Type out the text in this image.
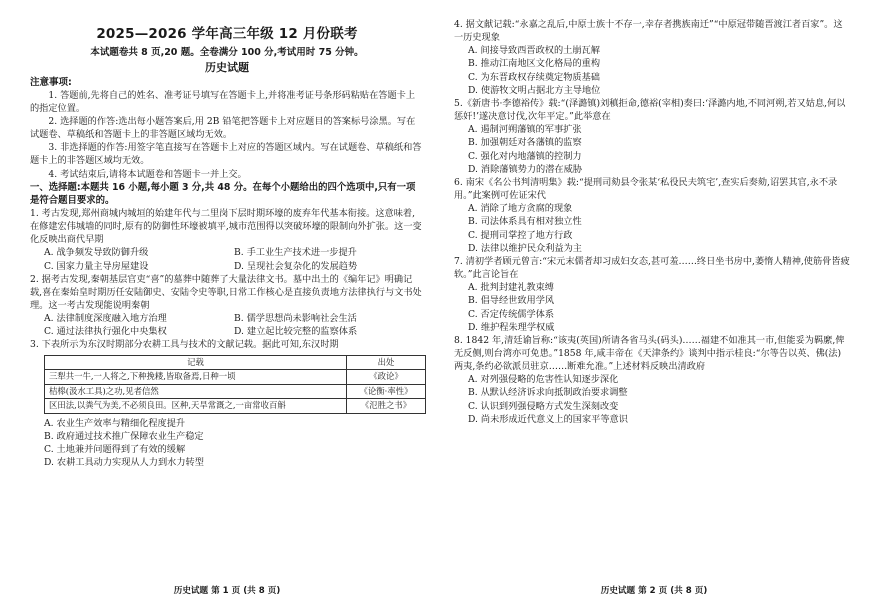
2025—2026 学年高三年级 12 月份联考
本试题卷共 8 页,20 题。全卷满分 100 分,考试用时 75 分钟。
历史试题
注意事项:

1. 答题前,先将自己的姓名、准考证号填写在答题卡上,并将准考证号条形码粘贴在答题卡上的指定位置。

2. 选择题的作答:选出每小题答案后,用 2B 铅笔把答题卡上对应题目的答案标号涂黑。写在试题卷、草稿纸和答题卡上的非答题区域均无效。

3. 非选择题的作答:用签字笔直接写在答题卡上对应的答题区域内。写在试题卷、草稿纸和答题卡上的非答题区域均无效。

4. 考试结束后,请将本试题卷和答题卡一并上交。

一、选择题:本题共 16 小题,每小题 3 分,共 48 分。在每个小题给出的四个选项中,只有一项是符合题目要求的。

1. 考古发现,郑州商城内城垣的始建年代与二里岗下层时期环壕的废弃年代基本衔接。这意味着,在修建宏伟城墙的同时,原有的防御性环壕被填平,城市范围得以突破环壕的限制向外扩张。这一变化反映出商代早期

A. 战争频发导致防御升级	B. 手工业生产技术进一步提升
C. 国家力量主导房屋建设	D. 呈现社会复杂化的发展趋势

2. 据考古发现,秦朝基层官吏“喜”的墓葬中随葬了大量法律文书。墓中出土的《编年记》明确记载,喜在秦始皇时期历任安陆御史、安陆令史等职,日常工作核心是直接负责地方法律执行与文书处理。这一考古发现能说明秦朝

A. 法律制度深度融入地方治理	B. 儒学思想尚未影响社会生活
C. 通过法律执行强化中央集权	D. 建立起比较完整的监察体系

3. 下表所示为东汉时期部分农耕工具与技术的文献记载。据此可知,东汉时期

记载	出处
三犁共一牛,一人将之,下种挽耧,皆取备焉,日种一顷	《政论》
桔槔(汲水工具)之功,见者信然	《论衡·率性》
区田法,以粪气为美,不必须良田。区种,天旱常溉之,一亩常收百斛	《氾胜之书》
A. 农业生产效率与精细化程度提升
B. 政府通过技术推广保障农业生产稳定
C. 土地兼并问题得到了有效的缓解
D. 农耕工具动力实现从人力到水力转型
历史试题 第 1 页 (共 8 页)

4. 据文献记载:“永嘉之乱后,中原士族十不存一,幸存者携族南迁”“中原冠带随晋渡江者百家”。这一历史现象

A. 间接导致西晋政权的土崩瓦解
B. 推动江南地区文化格局的重构
C. 为东晋政权存续奠定物质基础
D. 使游牧文明占据北方主导地位

5.《新唐书·李德裕传》载:“(泽潞镇)刘稹拒命,德裕(宰相)奏曰:‘泽潞内地,不同河朔,若又姑息,何以惩奸!’遂决意讨伐,次年平定。”此举意在

A. 遏制河朔藩镇的军事扩张
B. 加强朝廷对各藩镇的监察
C. 强化对内地藩镇的控制力
D. 消除藩镇势力的潜在威胁

6. 南宋《名公书判清明集》载:“提刑司劾县令张某‘私役民夫筑宅’,查实后奏劾,诏罢其官,永不录用。”此案例可佐证宋代

A. 消除了地方贪腐的现象
B. 司法体系具有相对独立性
C. 提刑司掌控了地方行政
D. 法律以维护民众利益为主

7. 清初学者顾元曾言:“宋元末儒者却习成妇女态,甚可羞……终日坐书房中,萎惰人精神,使筋骨皆疲软。”此言论旨在

A. 批判封建礼教束缚
B. 倡导经世致用学风
C. 否定传统儒学体系
D. 维护程朱理学权威

8. 1842 年,清廷谕旨称:“该夷(英国)所请各省马头(码头)……福建不如准其一市,但能妥为羁縻,俾无反侧,则台湾亦可免患。”1858 年,咸丰帝在《天津条约》谈判中指示桂良:“尔等告以英、佛(法)两夷,条约必欲派员驻京……断难允准。”上述材料反映出清政府

A. 对列强侵略的危害性认知逐步深化
B. 从默认经济诉求向抵制政治要求调整
C. 认识到列强侵略方式发生深刻改变
D. 尚未形成近代意义上的国家平等意识
历史试题 第 2 页 (共 8 页)
